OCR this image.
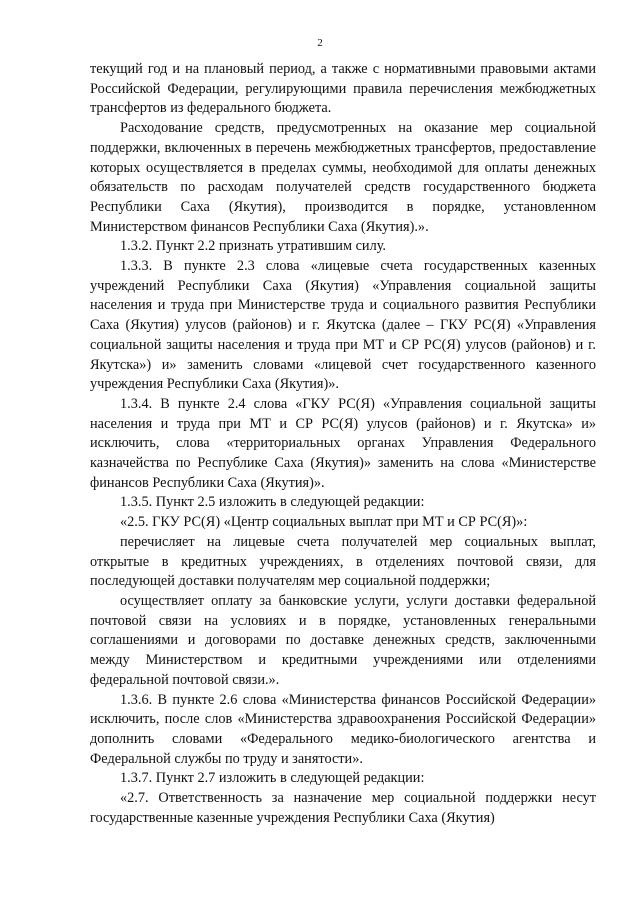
2

текущий год и на плановый период, а также с нормативными правовыми актами Российской Федерации, регулирующими правила перечисления межбюджетных трансфертов из федерального бюджета.

Расходование средств, предусмотренных на оказание мер социальной поддержки, включенных в перечень межбюджетных трансфертов, предоставление которых осуществляется в пределах суммы, необходимой для оплаты денежных обязательств по расходам получателей средств государственного бюджета Республики Саха (Якутия), производится в порядке, установленном Министерством финансов Республики Саха (Якутия).».

1.3.2. Пункт 2.2 признать утратившим силу.

1.3.3. В пункте 2.3 слова «лицевые счета государственных казенных учреждений Республики Саха (Якутия) «Управления социальной защиты населения и труда при Министерстве труда и социального развития Республики Саха (Якутия) улусов (районов) и г. Якутска (далее – ГКУ РС(Я) «Управления социальной защиты населения и труда при МТ и СР РС(Я) улусов (районов) и г. Якутска») и» заменить словами «лицевой счет государственного казенного учреждения Республики Саха (Якутия)».

1.3.4. В пункте 2.4 слова «ГКУ РС(Я) «Управления социальной защиты населения и труда при МТ и СР РС(Я) улусов (районов) и г. Якутска» и» исключить, слова «территориальных органах Управления Федерального казначейства по Республике Саха (Якутия)» заменить на слова «Министерстве финансов Республики Саха (Якутия)».

1.3.5. Пункт 2.5 изложить в следующей редакции:

«2.5. ГКУ РС(Я) «Центр социальных выплат при МТ и СР РС(Я)»:

перечисляет на лицевые счета получателей мер социальных выплат, открытые в кредитных учреждениях, в отделениях почтовой связи, для последующей доставки получателям мер социальной поддержки;

осуществляет оплату за банковские услуги, услуги доставки федеральной почтовой связи на условиях и в порядке, установленных генеральными соглашениями и договорами по доставке денежных средств, заключенными между Министерством и кредитными учреждениями или отделениями федеральной почтовой связи.».

1.3.6. В пункте 2.6 слова «Министерства финансов Российской Федерации» исключить, после слов «Министерства здравоохранения Российской Федерации» дополнить словами «Федерального медико-биологического агентства и Федеральной службы по труду и занятости».

1.3.7. Пункт 2.7 изложить в следующей редакции:

«2.7. Ответственность за назначение мер социальной поддержки несут государственные казенные учреждения Республики Саха (Якутия)
